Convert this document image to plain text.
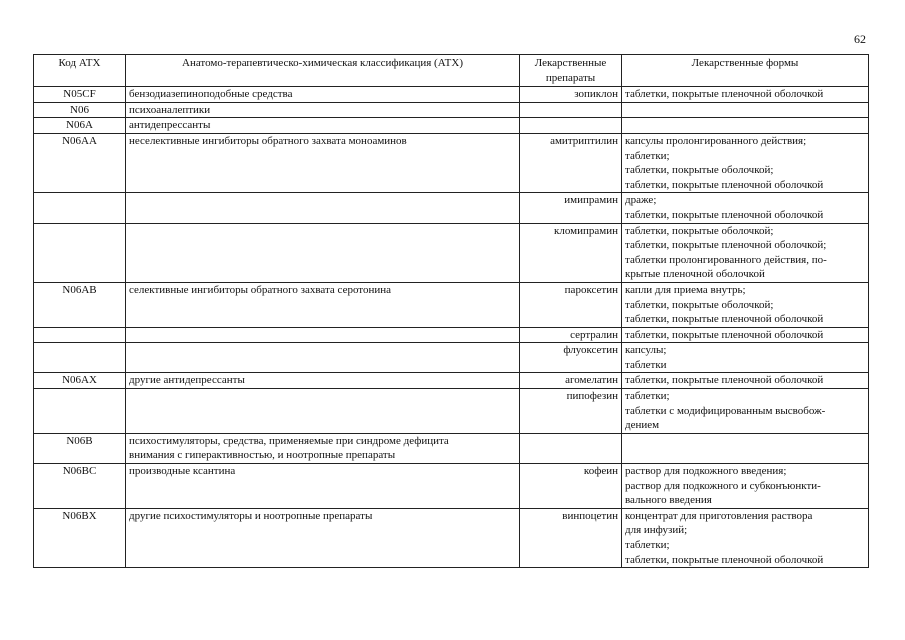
62
Код АТХ	Анатомо-терапевтическо-химическая классификация (АТХ)	Лекарственные
препараты	Лекарственные формы

N05CF	бензодиазепиноподобные средства	зопиклон	таблетки, покрытые пленочной оболочкой

N06	психоаналептики		

N06A	антидепрессанты		

N06AA	неселективные ингибиторы обратного захвата моноаминов	амитриптилин	капсулы пролонгированного действия;
таблетки;
таблетки, покрытые оболочкой;
таблетки, покрытые пленочной оболочкой

		имипрамин	драже;
таблетки, покрытые пленочной оболочкой

		кломипрамин	таблетки, покрытые оболочкой;
таблетки, покрытые пленочной оболочкой;
таблетки пролонгированного действия, по-
крытые пленочной оболочкой

N06AB	селективные ингибиторы обратного захвата серотонина	пароксетин	капли для приема внутрь;
таблетки, покрытые оболочкой;
таблетки, покрытые пленочной оболочкой

		сертралин	таблетки, покрытые пленочной оболочкой

		флуоксетин	капсулы;
таблетки

N06AX	другие антидепрессанты	агомелатин	таблетки, покрытые пленочной оболочкой

		пипофезин	таблетки;
таблетки с модифицированным высвобож-
дением

N06B	психостимуляторы, средства, применяемые при синдроме дефицита
внимания с гиперактивностью, и ноотропные препараты		

N06BC	производные ксантина	кофеин	раствор для подкожного введения;
раствор для подкожного и субконъюнкти-
вального введения

N06BX	другие психостимуляторы и ноотропные препараты	винпоцетин	концентрат для приготовления раствора
для инфузий;
таблетки;
таблетки, покрытые пленочной оболочкой
